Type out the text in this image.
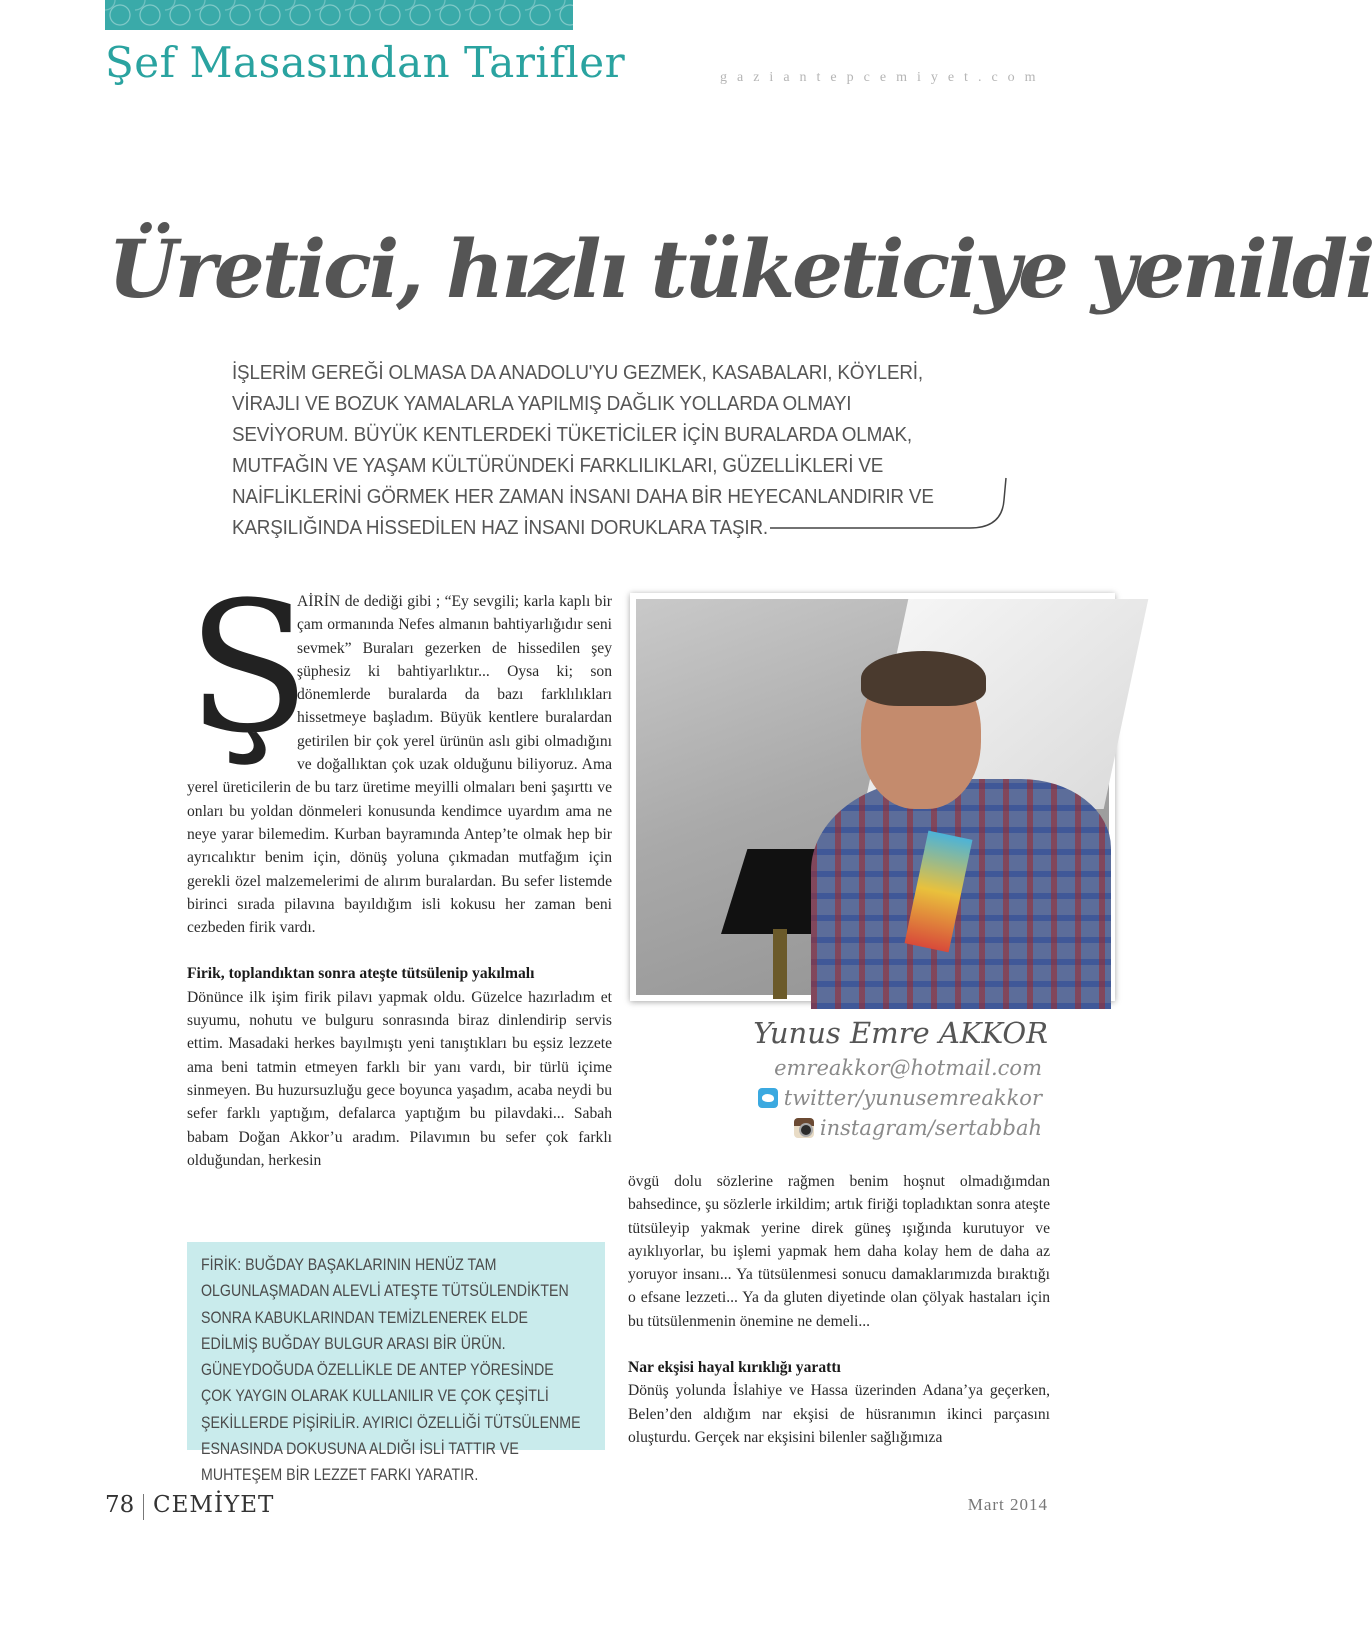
Şef Masasından Tarifler	gaziantepcemiyet.com
Üretici, hızlı tüketiciye yenildi
İŞLERİM GEREĞİ OLMASA DA ANADOLU'YU GEZMEK, KASABALARI, KÖYLERİ, VİRAJLI VE BOZUK YAMALARLA YAPILMIŞ DAĞLIK YOLLARDA OLMAYI SEVİYORUM. BÜYÜK KENTLERDEKİ TÜKETİCİLER İÇİN BURALARDA OLMAK, MUTFAĞIN VE YAŞAM KÜLTÜRÜNDEKİ FARKLILIKLARI, GÜZELLİKLERİ VE NAİFLİKLERİNİ GÖRMEK HER ZAMAN İNSANI DAHA BİR HEYECANLANDIRIR VE KARŞILIĞINDA HİSSEDİLEN HAZ İNSANI DORUKLARA TAŞIR.
Ş

AİRİN de dediği gibi ; “Ey sevgili; karla kaplı bir çam ormanında Nefes almanın bahtiyarlığıdır seni sevmek” Buraları gezerken de hissedilen şey şüphesiz ki bahtiyarlıktır... Oysa ki; son dönemlerde buralarda da bazı farklılıkları hissetmeye başladım. Büyük kentlere buralardan getirilen bir çok yerel ürünün aslı gibi olmadığını ve doğallıktan çok uzak olduğunu biliyoruz. Ama yerel üreticilerin de bu tarz üretime meyilli olmaları beni şaşırttı ve onları bu yoldan dönmeleri konusunda kendimce uyardım ama ne neye yarar bilemedim. Kurban bayramında Antep’te olmak hep bir ayrıcalıktır benim için, dönüş yoluna çıkmadan mutfağım için gerekli özel malzemelerimi de alırım buralardan. Bu sefer listemde birinci sırada pilavına bayıldığım isli kokusu her zaman beni cezbeden firik vardı.

Firik, toplandıktan sonra ateşte tütsülenip yakılmalı

Dönünce ilk işim firik pilavı yapmak oldu. Güzelce hazırladım et suyumu, nohutu ve bulguru sonrasında biraz dinlendirip servis ettim. Masadaki herkes bayılmıştı yeni tanıştıkları bu eşsiz lezzete ama beni tatmin etmeyen farklı bir yanı vardı, bir türlü içime sinmeyen. Bu huzursuzluğu gece boyunca yaşadım, acaba neydi bu sefer farklı yaptığım, defalarca yaptığım bu pilavdaki... Sabah babam Doğan Akkor’u aradım. Pilavımın bu sefer çok farklı olduğundan, herkesin

Yunus Emre AKKOR
emreakkor@hotmail.com
twitter/yunusemreakkor
instagram/sertabbah

övgü dolu sözlerine rağmen benim hoşnut olmadığımdan bahsedince, şu sözlerle irkildim; artık firiği topladıktan sonra ateşte tütsüleyip yakmak yerine direk güneş ışığında kurutuyor ve ayıklıyorlar, bu işlemi yapmak hem daha kolay hem de daha az yoruyor insanı... Ya tütsülenmesi sonucu damaklarımızda bıraktığı o efsane lezzeti... Ya da gluten diyetinde olan çölyak hastaları için bu tütsülenmenin önemine ne demeli...

Nar ekşisi hayal kırıklığı yarattı

Dönüş yolunda İslahiye ve Hassa üzerinden Adana’ya geçerken, Belen’den aldığım nar ekşisi de hüsranımın ikinci parçasını oluşturdu. Gerçek nar ekşisini bilenler sağlığımıza

FİRİK: BUĞDAY BAŞAKLARININ HENÜZ TAM OLGUNLAŞMADAN ALEVLİ ATEŞTE TÜTSÜLENDİKTEN SONRA KABUKLARINDAN TEMİZLENEREK ELDE EDİLMİŞ BUĞDAY BULGUR ARASI BİR ÜRÜN. GÜNEYDOĞUDA ÖZELLİKLE DE ANTEP YÖRESİNDE ÇOK YAYGIN OLARAK KULLANILIR VE ÇOK ÇEŞİTLİ ŞEKİLLERDE PİŞİRİLİR. AYIRICI ÖZELLİĞİ TÜTSÜLENME ESNASINDA DOKUSUNA ALDIĞI İSLİ TATTIR VE MUHTEŞEM BİR LEZZET FARKI YARATIR.
78 CEMİYET	Mart 2014
